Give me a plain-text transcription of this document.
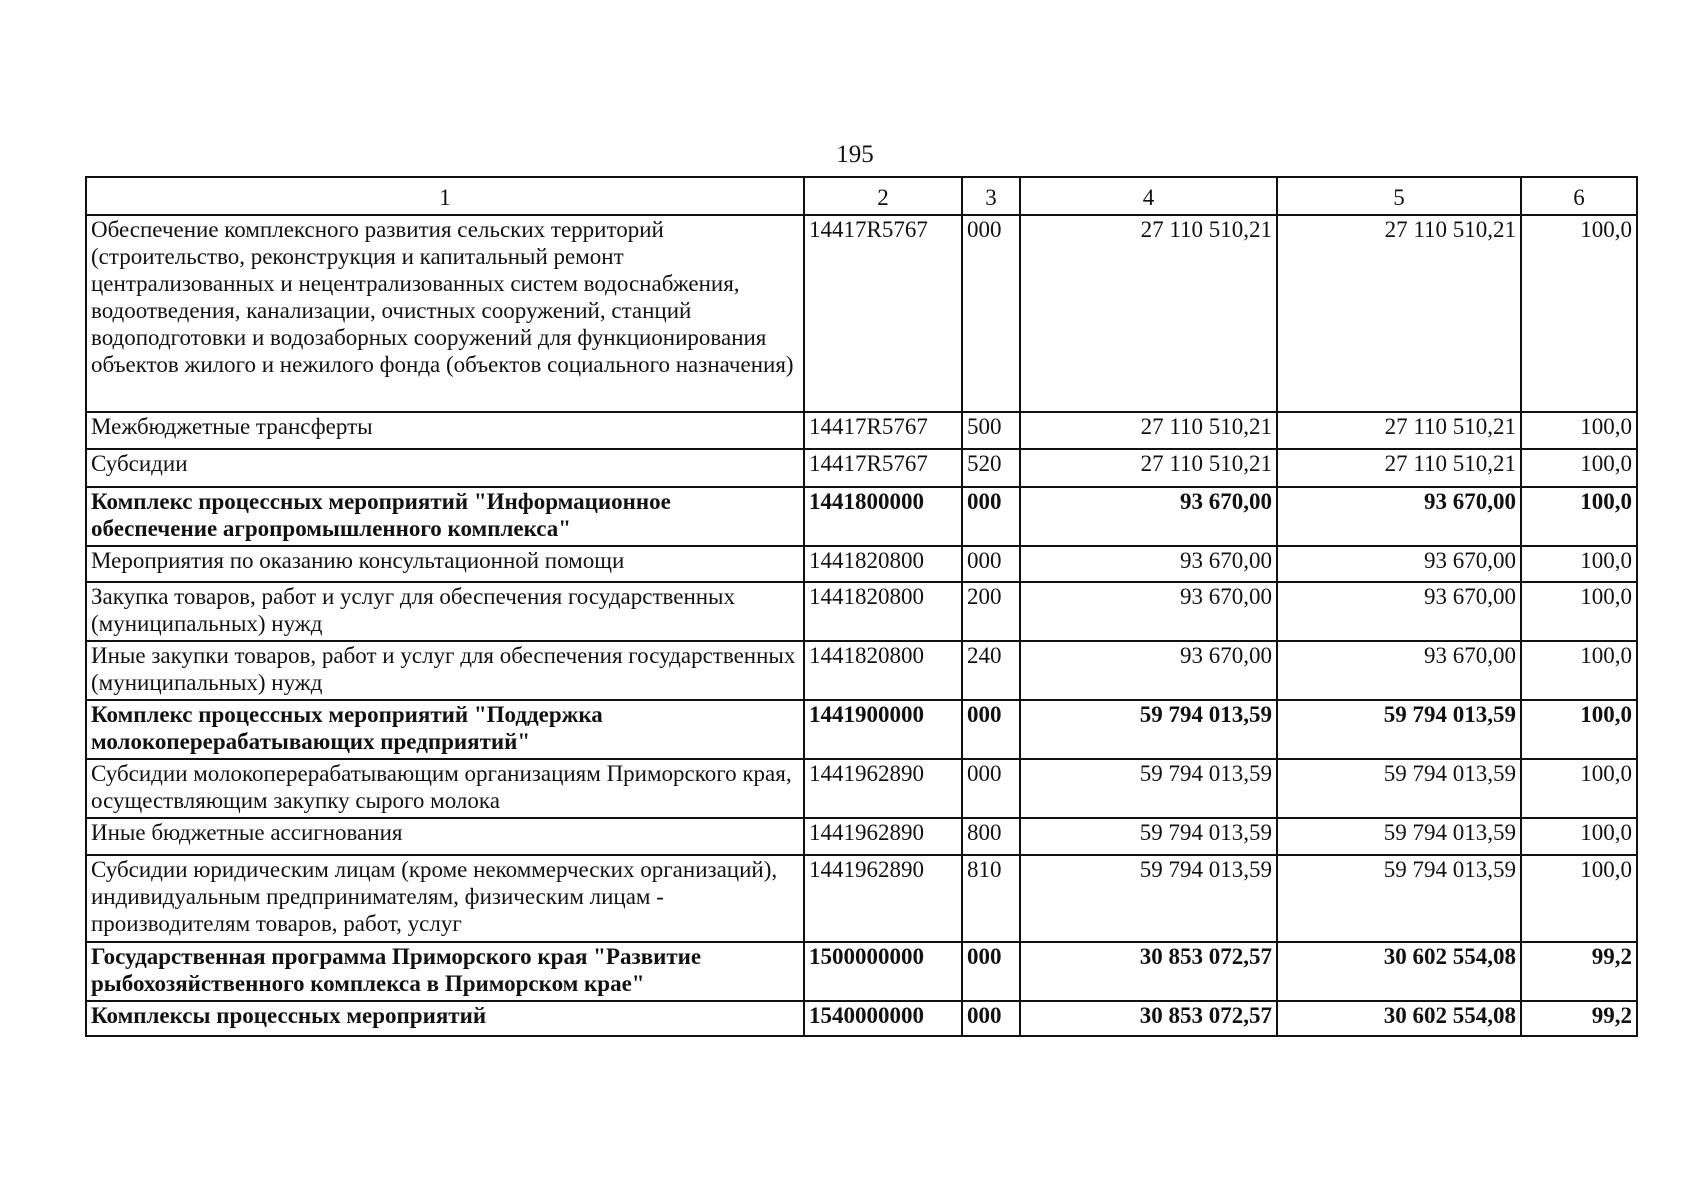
195
1	2	3	4	5	6
Обеспечение комплексного развития сельских территорий (строительство, реконструкция и капитальный ремонт централизованных и нецентрализованных систем водоснабжения, водоотведения, канализации, очистных сооружений, станций водоподготовки и водозаборных сооружений для функционирования объектов жилого и нежилого фонда (объектов социального назначения)	14417R5767	000	27 110 510,21	27 110 510,21	100,0
Межбюджетные трансферты	14417R5767	500	27 110 510,21	27 110 510,21	100,0
Субсидии	14417R5767	520	27 110 510,21	27 110 510,21	100,0
Комплекс процессных мероприятий "Информационное обеспечение агропромышленного комплекса"	1441800000	000	93 670,00	93 670,00	100,0
Мероприятия по оказанию консультационной помощи	1441820800	000	93 670,00	93 670,00	100,0
Закупка товаров, работ и услуг для обеспечения государственных (муниципальных) нужд	1441820800	200	93 670,00	93 670,00	100,0
Иные закупки товаров, работ и услуг для обеспечения государственных (муниципальных) нужд	1441820800	240	93 670,00	93 670,00	100,0
Комплекс процессных мероприятий "Поддержка молокоперерабатывающих предприятий"	1441900000	000	59 794 013,59	59 794 013,59	100,0
Субсидии молокоперерабатывающим организациям Приморского края, осуществляющим закупку сырого молока	1441962890	000	59 794 013,59	59 794 013,59	100,0
Иные бюджетные ассигнования	1441962890	800	59 794 013,59	59 794 013,59	100,0
Субсидии юридическим лицам (кроме некоммерческих организаций), индивидуальным предпринимателям, физическим лицам - производителям товаров, работ, услуг	1441962890	810	59 794 013,59	59 794 013,59	100,0
Государственная программа Приморского края "Развитие рыбохозяйственного комплекса в Приморском крае"	1500000000	000	30 853 072,57	30 602 554,08	99,2
Комплексы процессных мероприятий	1540000000	000	30 853 072,57	30 602 554,08	99,2
